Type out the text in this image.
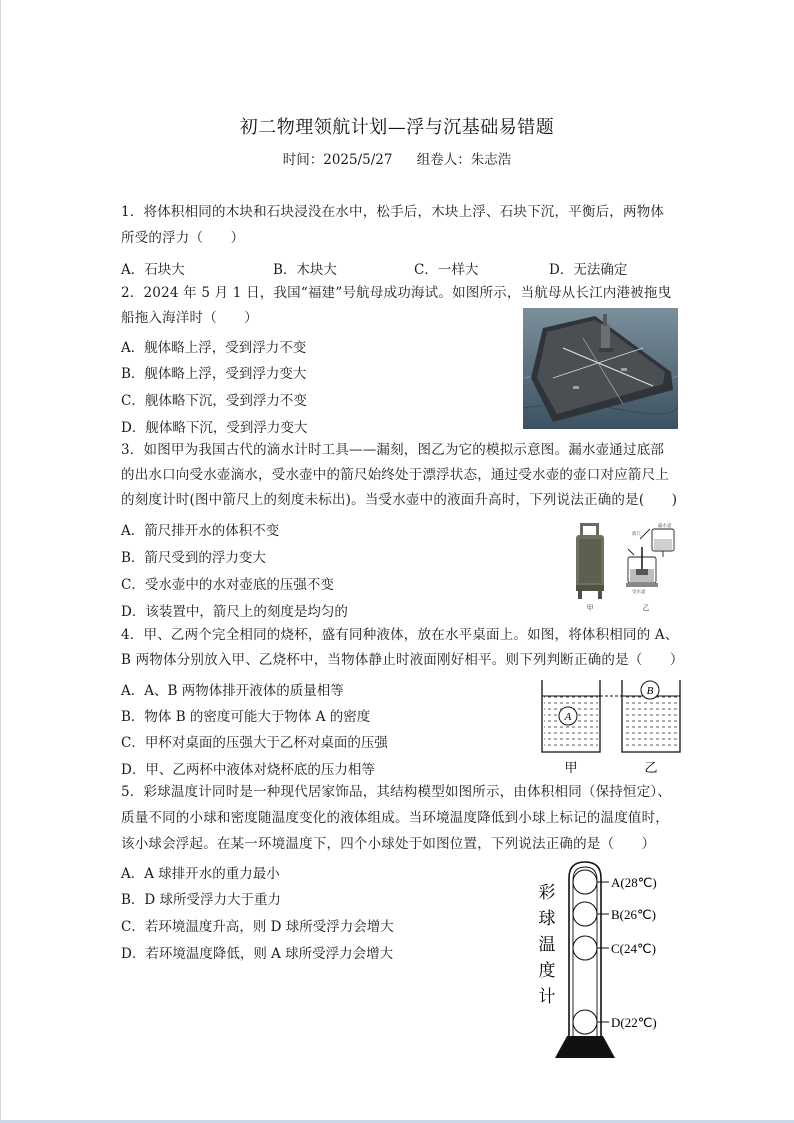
初二物理领航计划—浮与沉基础易错题
时间：2025/5/27 组卷人：朱志浩
1．将体积相同的木块和石块浸没在水中，松手后，木块上浮、石块下沉，平衡后，两物体
所受的浮力（　　）
A．石块大	B．木块大	C．一样大	D．无法确定
2．2024 年 5 月 1 日，我国“福建”号航母成功海试。如图所示，当航母从长江内港被拖曳
船拖入海洋时（　　）
A．舰体略上浮，受到浮力不变
B．舰体略上浮，受到浮力变大
C．舰体略下沉，受到浮力不变
D．舰体略下沉，受到浮力变大
3．如图甲为我国古代的滴水计时工具——漏刻，图乙为它的模拟示意图。漏水壶通过底部
的出水口向受水壶滴水，受水壶中的箭尺始终处于漂浮状态，通过受水壶的壶口对应箭尺上
的刻度计时(图中箭尺上的刻度未标出)。当受水壶中的液面升高时，下列说法正确的是(　　)
A．箭尺排开水的体积不变
B．箭尺受到的浮力变大
C．受水壶中的水对壶底的压强不变
D．该装置中，箭尺上的刻度是均匀的	甲
箭尺
漏水壶
受水壶
乙
4．甲、乙两个完全相同的烧杯，盛有同种液体，放在水平桌面上。如图，将体积相同的 A、
B 两物体分别放入甲、乙烧杯中，当物体静止时液面刚好相平。则下列判断正确的是（　　）
A．A、B 两物体排开液体的质量相等
B．物体 B 的密度可能大于物体 A 的密度
C．甲杯对桌面的压强大于乙杯对桌面的压强
D．甲、乙两杯中液体对烧杯底的压力相等
A
B
甲	乙
5．彩球温度计同时是一种现代居家饰品，其结构模型如图所示，由体积相同（保持恒定）、
质量不同的小球和密度随温度变化的液体组成。当环境温度降低到小球上标记的温度值时，
该小球会浮起。在某一环境温度下，四个小球处于如图位置，下列说法正确的是（　　）
A．A 球排开水的重力最小
B．D 球所受浮力大于重力
C．若环境温度升高，则 D 球所受浮力会增大
D．若环境温度降低，则 A 球所受浮力会增大
彩
球
温
度
计
A(28℃)
B(26℃)
C(24℃)
D(22℃)
